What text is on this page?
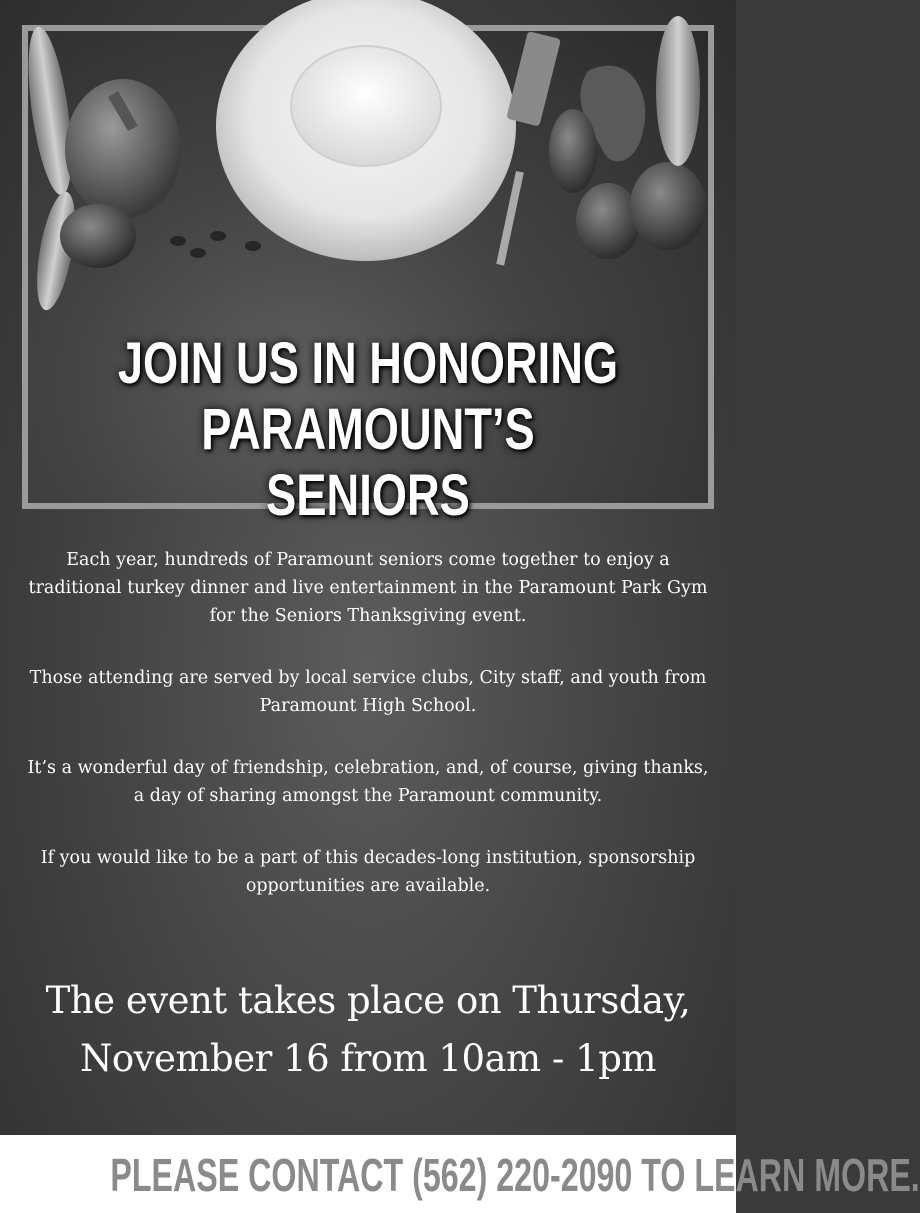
JOIN US IN HONORING
PARAMOUNT’S SENIORS

Each year, hundreds of Paramount seniors come together to enjoy a traditional turkey dinner and live entertainment in the Paramount Park Gym for the Seniors Thanksgiving event.

Those attending are served by local service clubs, City staff, and youth from Paramount High School.

It’s a wonderful day of friendship, celebration, and, of course, giving thanks, a day of sharing amongst the Paramount community.

If you would like to be a part of this decades-long institution, sponsorship opportunities are available.

The event takes place on Thursday,
November 16 from 10am - 1pm
PLEASE CONTACT (562) 220-2090 TO LEARN MORE.
